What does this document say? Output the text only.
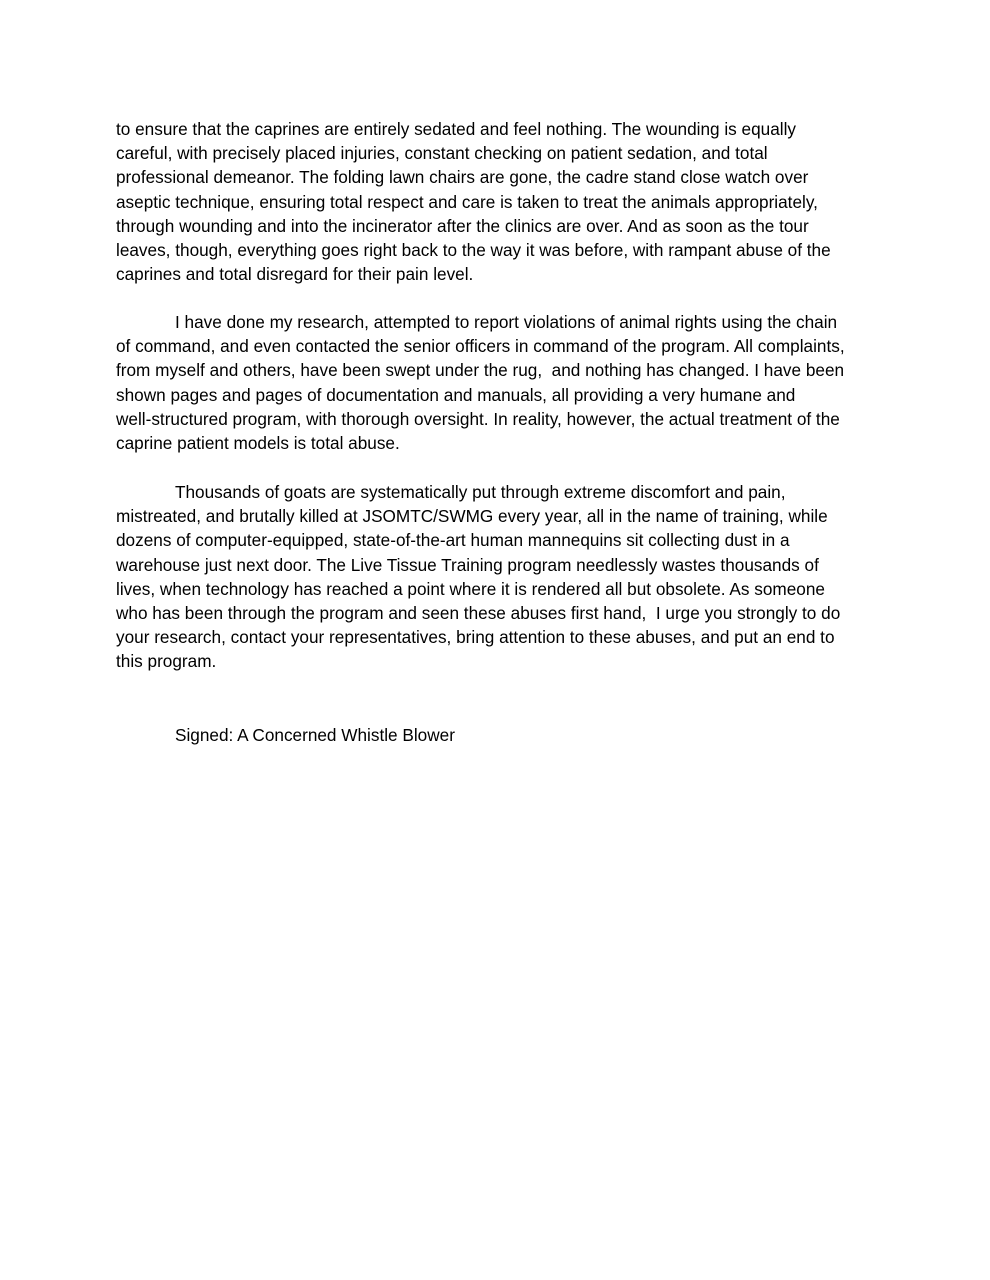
to ensure that the caprines are entirely sedated and feel nothing. The wounding is equally
careful, with precisely placed injuries, constant checking on patient sedation, and total
professional demeanor. The folding lawn chairs are gone, the cadre stand close watch over
aseptic technique, ensuring total respect and care is taken to treat the animals appropriately,
through wounding and into the incinerator after the clinics are over. And as soon as the tour
leaves, though, everything goes right back to the way it was before, with rampant abuse of the
caprines and total disregard for their pain level.
I have done my research, attempted to report violations of animal rights using the chain
of command, and even contacted the senior officers in command of the program. All complaints,
from myself and others, have been swept under the rug,  and nothing has changed. I have been
shown pages and pages of documentation and manuals, all providing a very humane and
well-structured program, with thorough oversight. In reality, however, the actual treatment of the
caprine patient models is total abuse.
Thousands of goats are systematically put through extreme discomfort and pain,
mistreated, and brutally killed at JSOMTC/SWMG every year, all in the name of training, while
dozens of computer-equipped, state-of-the-art human mannequins sit collecting dust in a
warehouse just next door. The Live Tissue Training program needlessly wastes thousands of
lives, when technology has reached a point where it is rendered all but obsolete. As someone
who has been through the program and seen these abuses first hand,  I urge you strongly to do
your research, contact your representatives, bring attention to these abuses, and put an end to
this program.
Signed: A Concerned Whistle Blower
